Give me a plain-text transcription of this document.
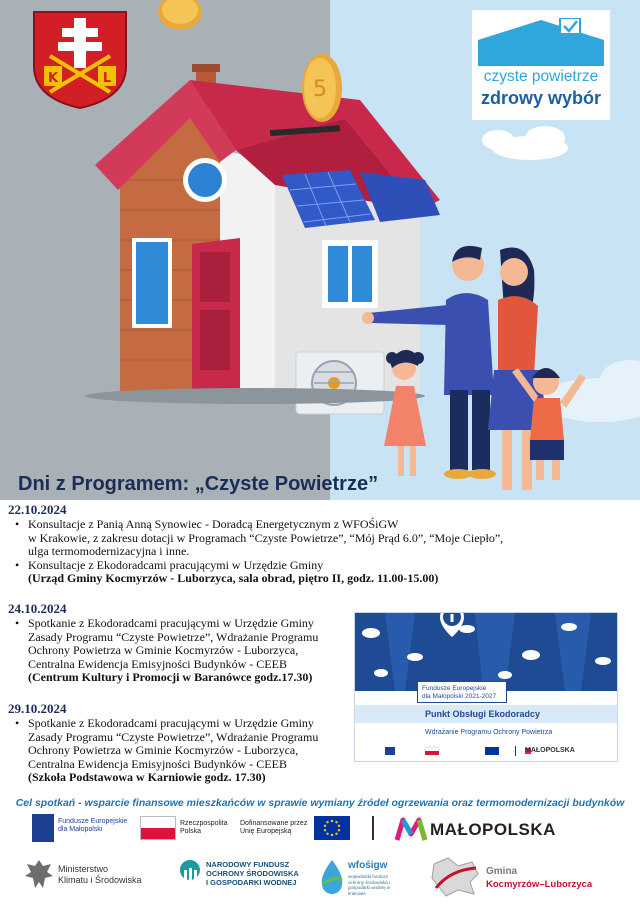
5
K	L	czyste powietrze
zdrowy wybór
Dni z Programem: „Czyste Powietrze”
22.10.2024
• Konsultacje z Panią Anną Synowiec - Doradcą Energetycznym z WFOŚiGW
w Krakowie, z zakresu dotacji w Programach “Czyste Powietrze”, “Mój Prąd 6.0”, “Moje Ciepło”,
ulga termomodernizacyjna i inne.
• Konsultacje z Ekodoradcami pracującymi w Urzędzie Gminy
(Urząd Gminy Kocmyrzów - Luborzyca, sala obrad, piętro II, godz. 11.00-15.00)
24.10.2024
• Spotkanie z Ekodoradcami pracującymi w Urzędzie Gminy
Zasady Programu “Czyste Powietrze”, Wdrażanie Programu
Ochrony Powietrza w Gminie Kocmyrzów - Luborzyca,
Centralna Ewidencja Emisyjności Budynków - CEEB
(Centrum Kultury i Promocji w Baranówce godz.17.30)
29.10.2024
• Spotkanie z Ekodoradcami pracującymi w Urzędzie Gminy
Zasady Programu “Czyste Powietrze”, Wdrażanie Programu
Ochrony Powietrza w Gminie Kocmyrzów - Luborzyca,
Centralna Ewidencja Emisyjności Budynków - CEEB
(Szkoła Podstawowa w Karniowie godz. 17.30)
Fundusze Europejskie
dla Małopolski 2021-2027
Punkt Obsługi Ekodoradcy
Wdrażanie Programu Ochrony Powietrza
MAŁOPOLSKA
Cel spotkań - wsparcie finansowe mieszkańców w sprawie wymiany źródeł ogrzewania oraz termomodernizacji budynków
Fundusze Europejskie
dla Małopolski
Rzeczpospolita
Polska
Dofinansowane przez
Unię Europejską	MAŁOPOLSKA
Ministerstwo
Klimatu i Środowiska
NARODOWY FUNDUSZ
OCHRONY ŚRODOWISKA
I GOSPODARKI WODNEJ
wfośigw
wojewódzki fundusz ochrony środowiska i gospodarki wodnej w krakowie
Gmina
Kocmyrzów–Luborzyca
